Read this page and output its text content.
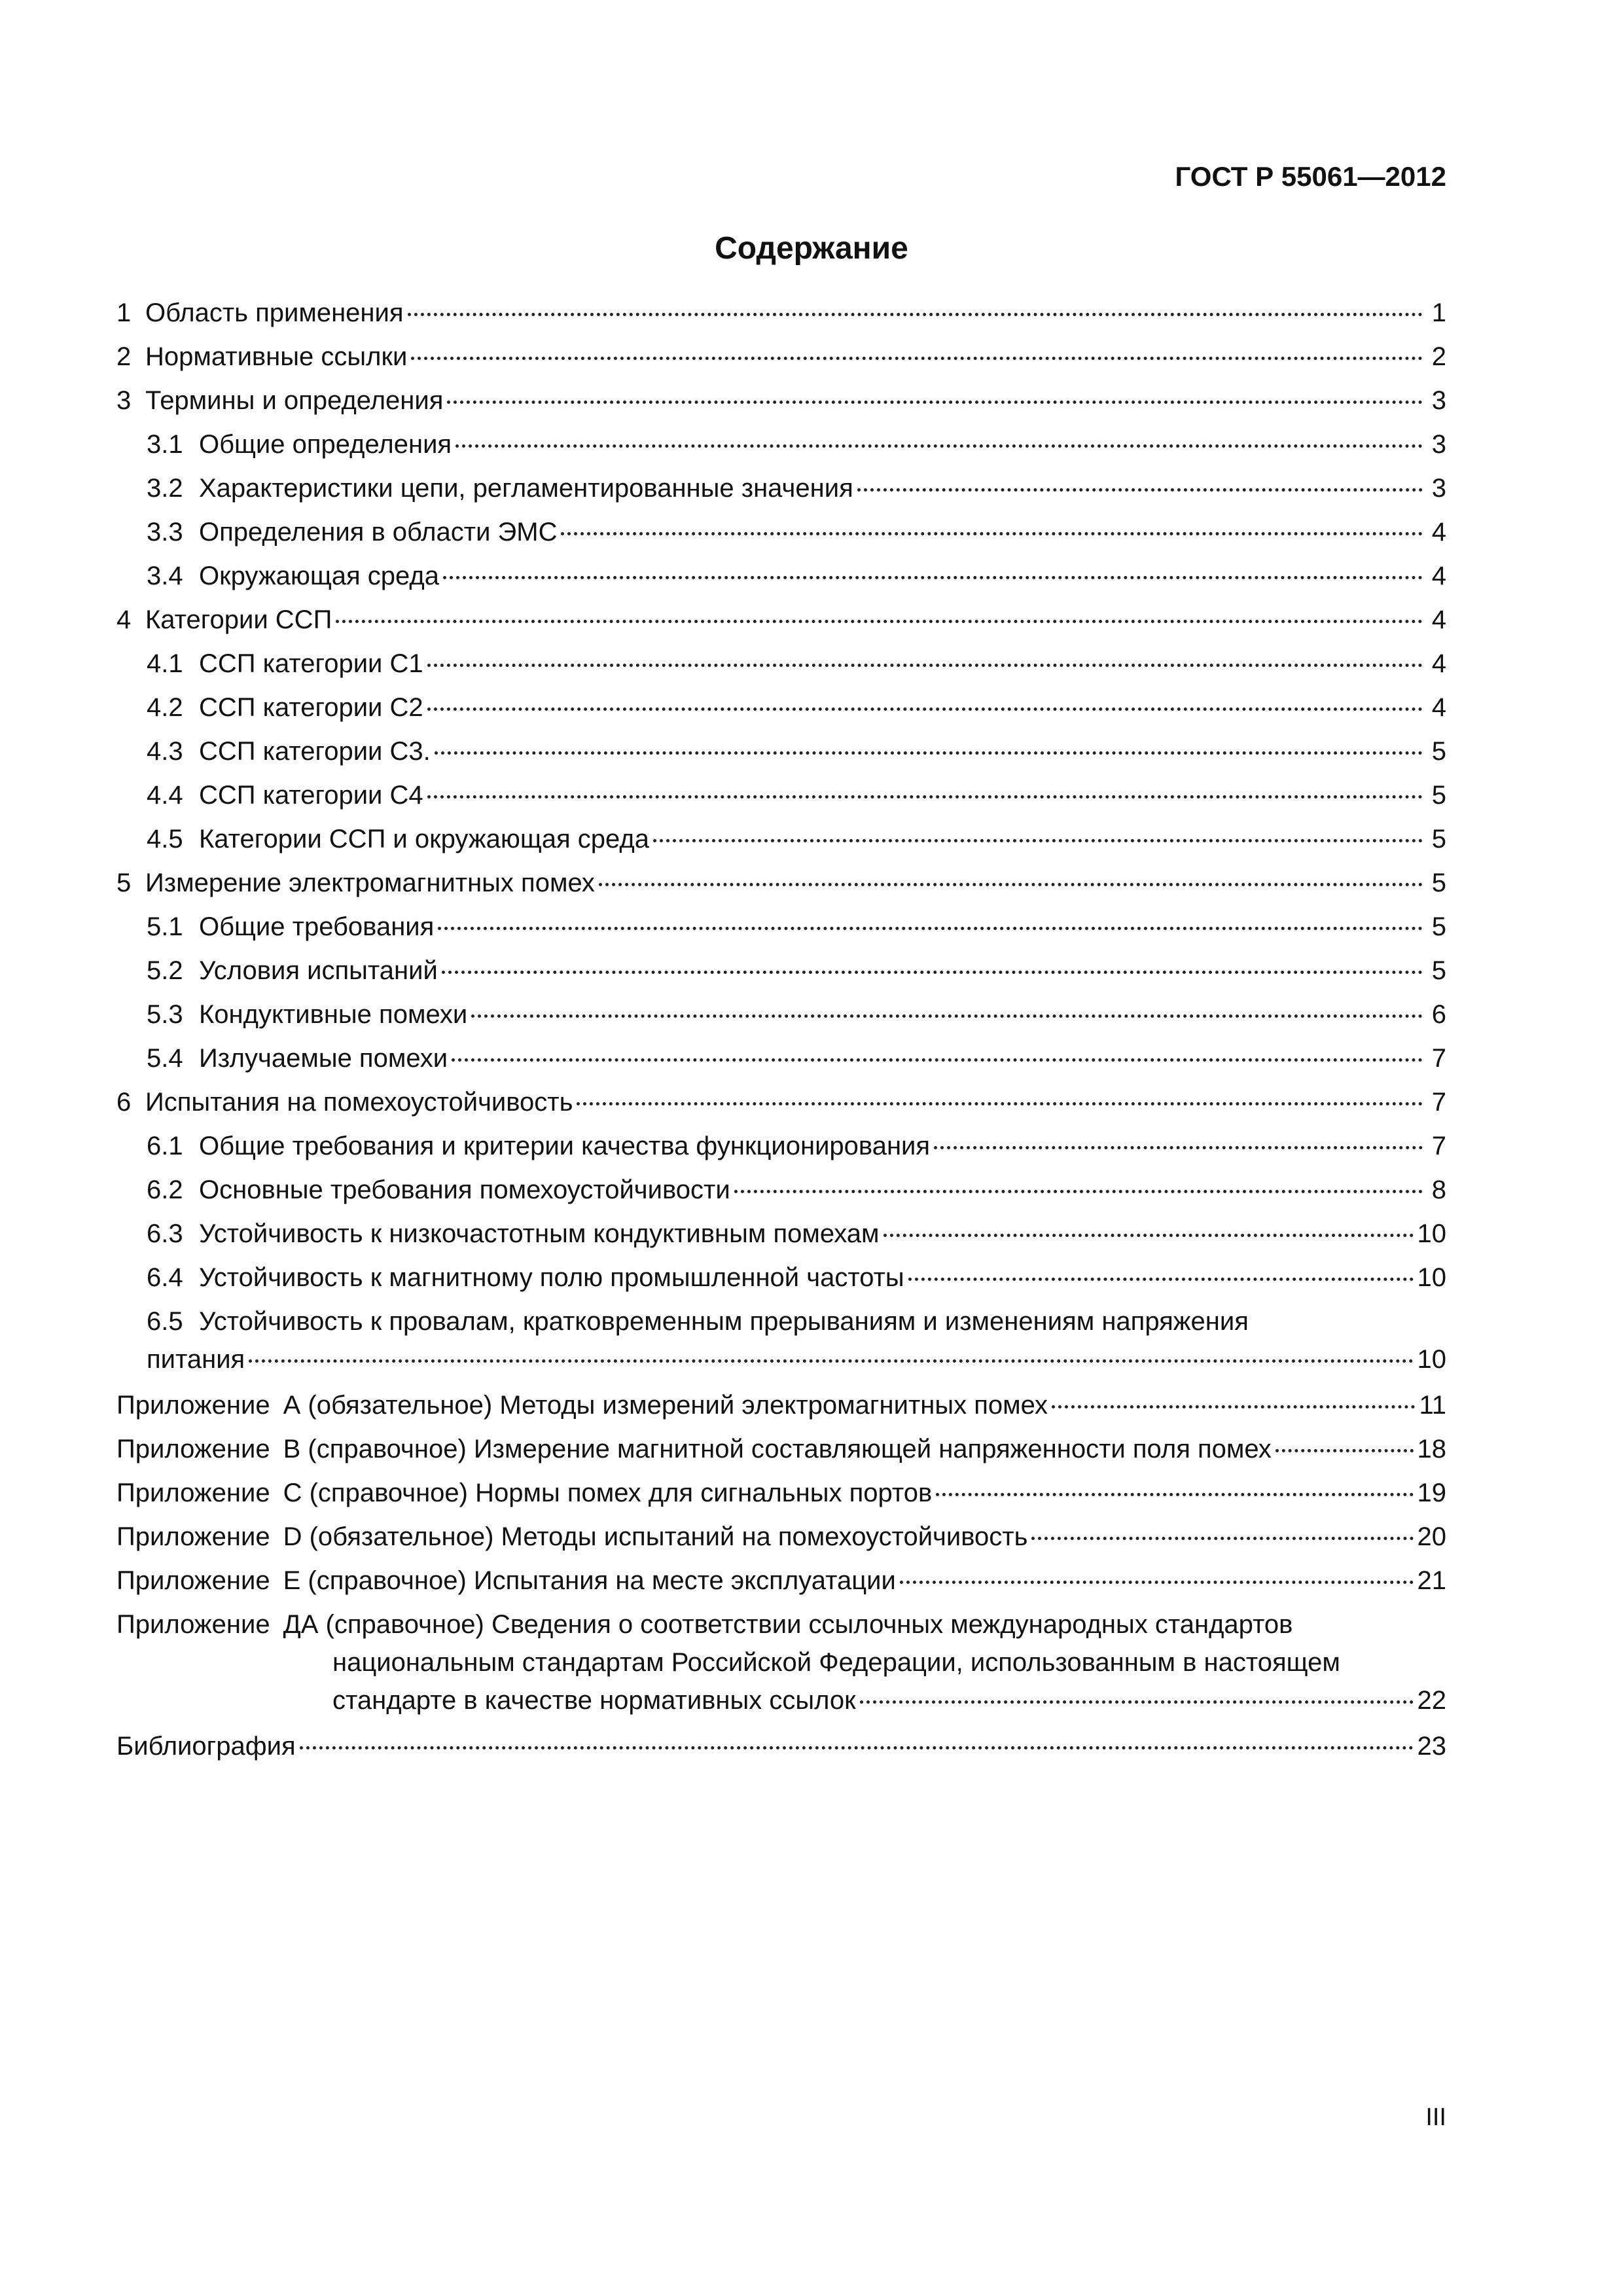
ГОСТ Р 55061—2012
Содержание
1 Область применения	1
2 Нормативные ссылки	2
3 Термины и определения	3
3.1 Общие определения	3
3.2 Характеристики цепи, регламентированные значения	3
3.3 Определения в области ЭМС	4
3.4 Окружающая среда	4
4 Категории ССП	4
4.1 ССП категории С1	4
4.2 ССП категории С2	4
4.3 ССП категории С3.	5
4.4 ССП категории С4	5
4.5 Категории ССП и окружающая среда	5
5 Измерение электромагнитных помех	5
5.1 Общие требования	5
5.2 Условия испытаний	5
5.3 Кондуктивные помехи	6
5.4 Излучаемые помехи	7
6 Испытания на помехоустойчивость	7
6.1 Общие требования и критерии качества функционирования	7
6.2 Основные требования помехоустойчивости	8
6.3 Устойчивость к низкочастотным кондуктивным помехам	10
6.4 Устойчивость к магнитному полю промышленной частоты	10
6.5 Устойчивость к провалам, кратковременным прерываниям и изменениям напряжения
питания	10
Приложение А (обязательное) Методы измерений электромагнитных помех	11
Приложение В (справочное) Измерение магнитной составляющей напряженности поля помех	18
Приложение С (справочное) Нормы помех для сигнальных портов	19
Приложение D (обязательное) Методы испытаний на помехоустойчивость	20
Приложение Е (справочное) Испытания на месте эксплуатации	21
Приложение ДА (справочное) Сведения о соответствии ссылочных международных стандартов
национальным стандартам Российской Федерации, использованным в настоящем
стандарте в качестве нормативных ссылок	22
Библиография	23
III
